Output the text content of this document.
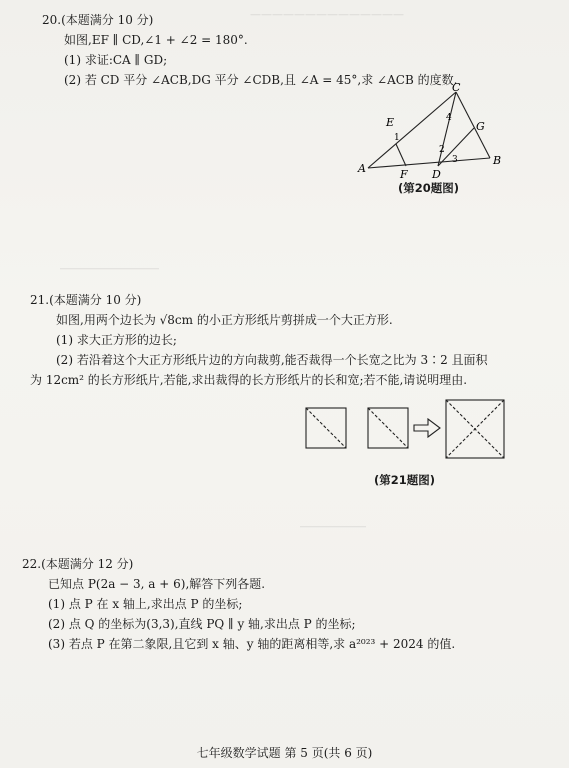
——————————————
―――――――――
20.(本题满分 10 分)
如图,EF ∥ CD,∠1 + ∠2 = 180°.
(1) 求证:CA ∥ GD;
(2) 若 CD 平分 ∠ACB,DG 平分 ∠CDB,且 ∠A = 45°,求 ∠ACB 的度数.
C
E	G
A	F D
B
1
2
3
4
(第20题图)
21.(本题满分 10 分)
如图,用两个边长为 √8cm 的小正方形纸片剪拼成一个大正方形.
(1) 求大正方形的边长;
(2) 若沿着这个大正方形纸片边的方向裁剪,能否裁得一个长宽之比为 3∶2 且面积
为 12cm² 的长方形纸片,若能,求出裁得的长方形纸片的长和宽;若不能,请说明理由.
(第21题图)
――――――
22.(本题满分 12 分)
已知点 P(2a − 3, a + 6),解答下列各题.
(1) 点 P 在 x 轴上,求出点 P 的坐标;
(2) 点 Q 的坐标为(3,3),直线 PQ ∥ y 轴,求出点 P 的坐标;
(3) 若点 P 在第二象限,且它到 x 轴、y 轴的距离相等,求 a²⁰²³ + 2024 的值.
七年级数学试题 第 5 页(共 6 页)
